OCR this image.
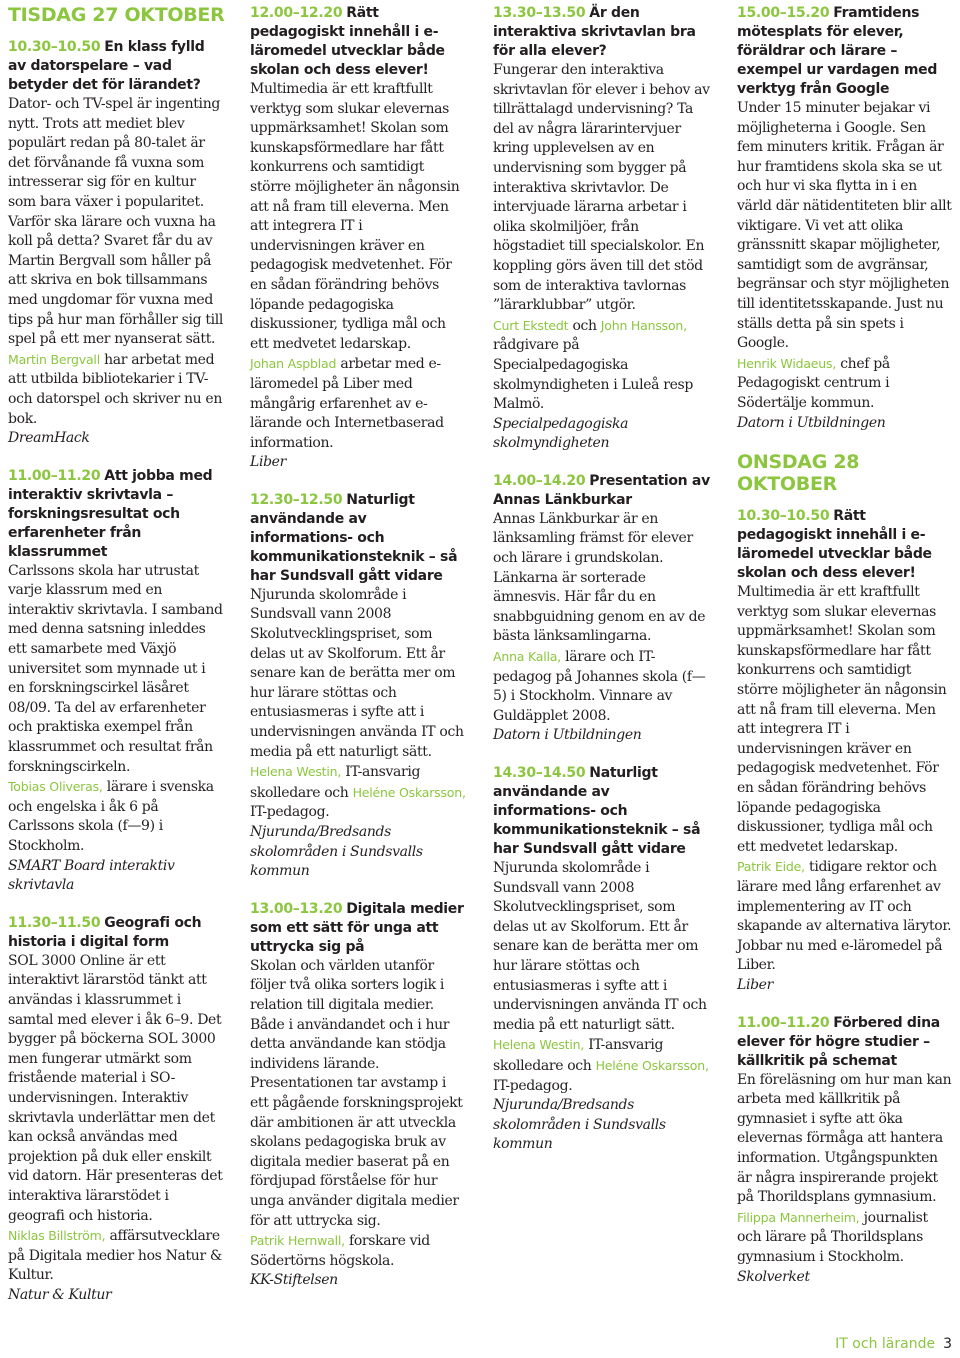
TISDAG 27 OKTOBER
10.30–10.50 En klass fylld av datorspelare – vad betyder det för lärandet?

Dator- och TV-spel är ingenting nytt. Trots att mediet blev populärt redan på 80-talet är det förvånande få vuxna som intresserar sig för en kultur som bara växer i popularitet. Varför ska lärare och vuxna ha koll på detta? Svaret får du av Martin Bergvall som håller på att skriva en bok tillsammans med ungdomar för vuxna med tips på hur man förhåller sig till spel på ett mer nyanserat sätt.

Martin Bergvall har arbetat med att utbilda bibliotekarier i TV- och datorspel och skriver nu en bok.

DreamHack

11.00–11.20 Att jobba med interaktiv skrivtavla – forskningsresultat och erfarenheter från klassrummet

Carlssons skola har utrustat varje klassrum med en interaktiv skrivtavla. I samband med denna satsning inleddes ett samarbete med Växjö universitet som mynnade ut i en forskningscirkel läsåret 08/09. Ta del av erfarenheter och praktiska exempel från klassrummet och resultat från forskningscirkeln.

Tobias Oliveras, lärare i svenska och engelska i åk 6 på Carlssons skola (f—9) i Stockholm.

SMART Board interaktiv skrivtavla

11.30–11.50 Geografi och historia i digital form

SOL 3000 Online är ett interaktivt lärarstöd tänkt att användas i klassrummet i samtal med elever i åk 6–9. Det bygger på böckerna SOL 3000 men fungerar utmärkt som fristående material i SO-undervisningen. Interaktiv skrivtavla underlättar men det kan också användas med projektion på duk eller enskilt vid datorn. Här presenteras det interaktiva lärarstödet i geografi och historia.

Niklas Billström, affärsutvecklare på Digitala medier hos Natur & Kultur.

Natur & Kultur

12.00–12.20 Rätt pedagogiskt innehåll i e-läromedel utvecklar både skolan och dess elever!

Multimedia är ett kraftfullt verktyg som slukar elevernas uppmärksamhet! Skolan som kunskapsförmedlare har fått konkurrens och samtidigt större möjligheter än någonsin att nå fram till eleverna. Men att integrera IT i undervisningen kräver en pedagogisk medvetenhet. För en sådan förändring behövs löpande pedagogiska diskussioner, tydliga mål och ett medvetet ledarskap.

Johan Aspblad arbetar med e-läromedel på Liber med mångårig erfarenhet av e-lärande och Internetbaserad information.

Liber

12.30–12.50 Naturligt användande av informations- och kommunikationsteknik – så har Sundsvall gått vidare

Njurunda skolområde i Sundsvall vann 2008 Skolutvecklingspriset, som delas ut av Skolforum. Ett år senare kan de berätta mer om hur lärare stöttas och entusiasmeras i syfte att i undervisningen använda IT och media på ett naturligt sätt.

Helena Westin, IT-ansvarig skolledare och Heléne Oskarsson, IT-pedagog.

Njurunda/Bredsands skolområden i Sundsvalls kommun

13.00–13.20 Digitala medier som ett sätt för unga att uttrycka sig på

Skolan och världen utanför följer två olika sorters logik i relation till digitala medier. Både i användandet och i hur detta användande kan stödja individens lärande. Presentationen tar avstamp i ett pågående forskningsprojekt där ambitionen är att utveckla skolans pedagogiska bruk av digitala medier baserat på en fördjupad förståelse för hur unga använder digitala medier för att uttrycka sig.

Patrik Hernwall, forskare vid Södertörns högskola.

KK-Stiftelsen

13.30–13.50 Är den interaktiva skrivtavlan bra för alla elever?

Fungerar den interaktiva skrivtavlan för elever i behov av tillrättalagd undervisning? Ta del av några lärarintervjuer kring upplevelsen av en undervisning som bygger på interaktiva skrivtavlor. De intervjuade lärarna arbetar i olika skolmiljöer, från högstadiet till specialskolor. En koppling görs även till det stöd som de interaktiva tavlornas ”lärarklubbar” utgör.

Curt Ekstedt och John Hansson, rådgivare på Specialpedagogiska skolmyndigheten i Luleå resp Malmö.

Specialpedagogiska skolmyndigheten

14.00–14.20 Presentation av Annas Länkburkar

Annas Länkburkar är en länksamling främst för elever och lärare i grundskolan. Länkarna är sorterade ämnesvis. Här får du en snabbguidning genom en av de bästa länksamlingarna.

Anna Kalla, lärare och IT-pedagog på Johannes skola (f—5) i Stockholm. Vinnare av Guldäpplet 2008.

Datorn i Utbildningen

14.30–14.50 Naturligt användande av informations- och kommunikationsteknik – så har Sundsvall gått vidare

Njurunda skolområde i Sundsvall vann 2008 Skolutvecklingspriset, som delas ut av Skolforum. Ett år senare kan de berätta mer om hur lärare stöttas och entusiasmeras i syfte att i undervisningen använda IT och media på ett naturligt sätt.

Helena Westin, IT-ansvarig skolledare och Heléne Oskarsson, IT-pedagog.

Njurunda/Bredsands skolområden i Sundsvalls kommun

15.00–15.20 Framtidens mötesplats för elever, föräldrar och lärare – exempel ur vardagen med verktyg från Google

Under 15 minuter bejakar vi möjligheterna i Google. Sen fem minuters kritik. Frågan är hur framtidens skola ska se ut och hur vi ska flytta in i en värld där nätidentiteten blir allt viktigare. Vi vet att olika gränssnitt skapar möjligheter, samtidigt som de avgränsar, begränsar och styr möjligheten till identitetsskapande. Just nu ställs detta på sin spets i Google.

Henrik Widaeus, chef på Pedagogiskt centrum i Södertälje kommun.

Datorn i Utbildningen

ONSDAG 28 OKTOBER
10.30–10.50 Rätt pedagogiskt innehåll i e-läromedel utvecklar både skolan och dess elever!

Multimedia är ett kraftfullt verktyg som slukar elevernas uppmärksamhet! Skolan som kunskapsförmedlare har fått konkurrens och samtidigt större möjligheter än någonsin att nå fram till eleverna. Men att integrera IT i undervisningen kräver en pedagogisk medvetenhet. För en sådan förändring behövs löpande pedagogiska diskussioner, tydliga mål och ett medvetet ledarskap.

Patrik Eide, tidigare rektor och lärare med lång erfarenhet av implementering av IT och skapande av alternativa lärytor. Jobbar nu med e-läromedel på Liber.

Liber

11.00–11.20 Förbered dina elever för högre studier – källkritik på schemat

En föreläsning om hur man kan arbeta med källkritik på gymnasiet i syfte att öka elevernas förmåga att hantera information. Utgångspunkten är några inspirerande projekt på Thorildsplans gymnasium.

Filippa Mannerheim, journalist och lärare på Thorildsplans gymnasium i Stockholm.

Skolverket

IT och lärande 3
